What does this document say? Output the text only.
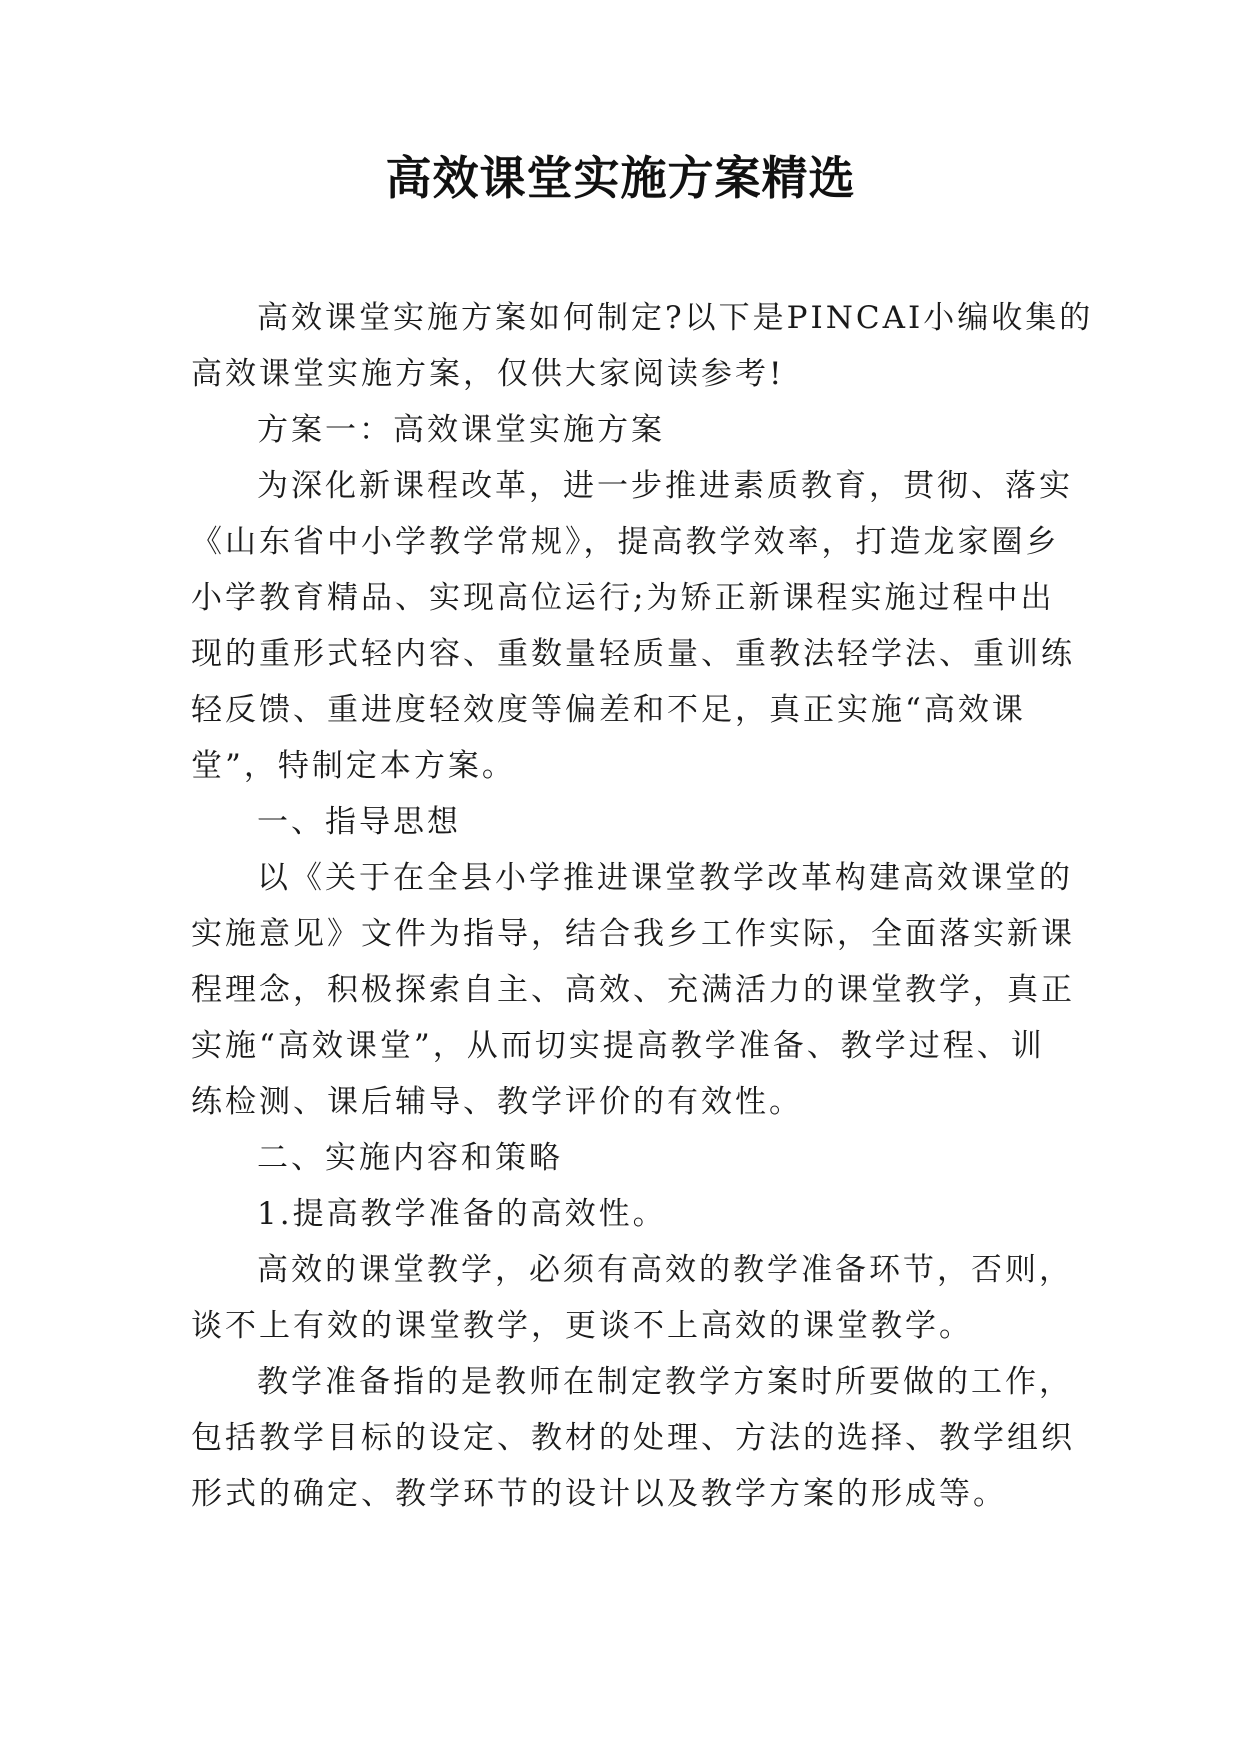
高效课堂实施方案精选
高效课堂实施方案如何制定?以下是PINCAI小编收集的
高效课堂实施方案，仅供大家阅读参考!
方案一：高效课堂实施方案
为深化新课程改革，进一步推进素质教育，贯彻、落实
《山东省中小学教学常规》，提高教学效率，打造龙家圈乡
小学教育精品、实现高位运行;为矫正新课程实施过程中出
现的重形式轻内容、重数量轻质量、重教法轻学法、重训练
轻反馈、重进度轻效度等偏差和不足，真正实施“高效课
堂”，特制定本方案。
一、指导思想
以《关于在全县小学推进课堂教学改革构建高效课堂的
实施意见》文件为指导，结合我乡工作实际，全面落实新课
程理念，积极探索自主、高效、充满活力的课堂教学，真正
实施“高效课堂”，从而切实提高教学准备、教学过程、训
练检测、课后辅导、教学评价的有效性。
二、实施内容和策略
1.提高教学准备的高效性。
高效的课堂教学，必须有高效的教学准备环节，否则，
谈不上有效的课堂教学，更谈不上高效的课堂教学。
教学准备指的是教师在制定教学方案时所要做的工作，
包括教学目标的设定、教材的处理、方法的选择、教学组织
形式的确定、教学环节的设计以及教学方案的形成等。
